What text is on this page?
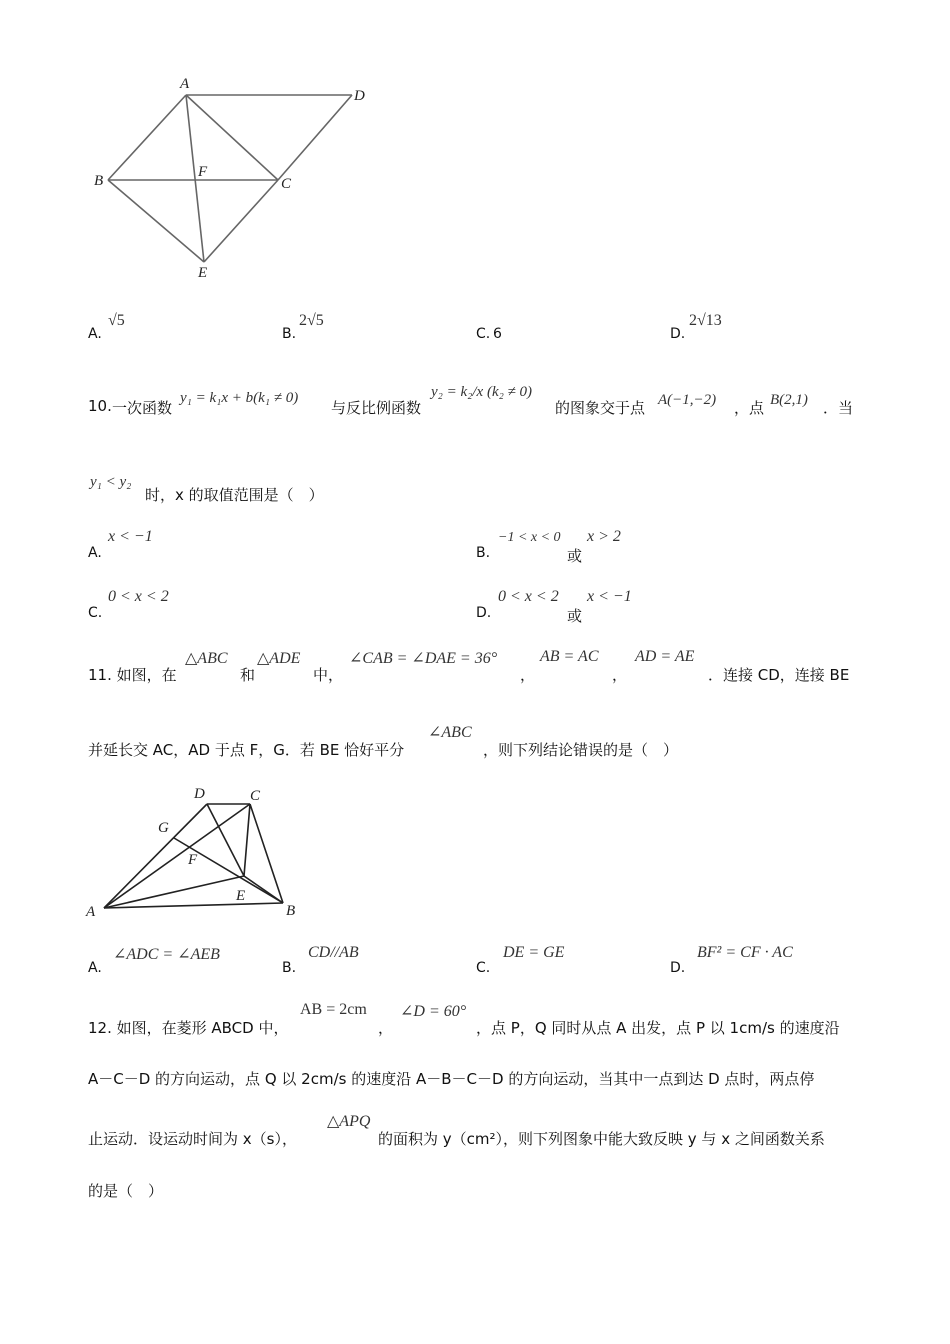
A
D
B
F
C
E
A.
√5
B.
2√5
C. 6	D.
2√13
10. 一次函数
y₁ = k₁x + b(k₁ ≠ 0)
与反比例函数
y₂ = k₂/x (k₂ ≠ 0)
的图象交于点 A(−1,−2) ，点 B(2,1) ．当
y₁ < y₂
时，x 的取值范围是（　）
A.
x < −1
B.
−1 < x < 0
或
x > 2
C.
0 < x < 2
D.
0 < x < 2
或
x < −1
11. 如图，在
△ABC
和
△ADE
中，
∠CAB = ∠DAE = 36°
，
AB = AC
，
AD = AE
．连接 CD，连接 BE
并延长交 AC，AD 于点 F，G．若 BE 恰好平分
∠ABC
，则下列结论错误的是（　）
D	C
G
F
E
A	B
A.
∠ADC = ∠AEB
B.
CD//AB
C.
DE = GE
D.
BF² = CF · AC
12. 如图，在菱形 ABCD 中，
AB = 2cm
，
∠D = 60°
，点 P，Q 同时从点 A 出发，点 P 以 1cm/s 的速度沿
A－C－D 的方向运动，点 Q 以 2cm/s 的速度沿 A－B－C－D 的方向运动，当其中一点到达 D 点时，两点停
止运动．设运动时间为 x（s），
△APQ
的面积为 y（cm²），则下列图象中能大致反映 y 与 x 之间函数关系
的是（　）
